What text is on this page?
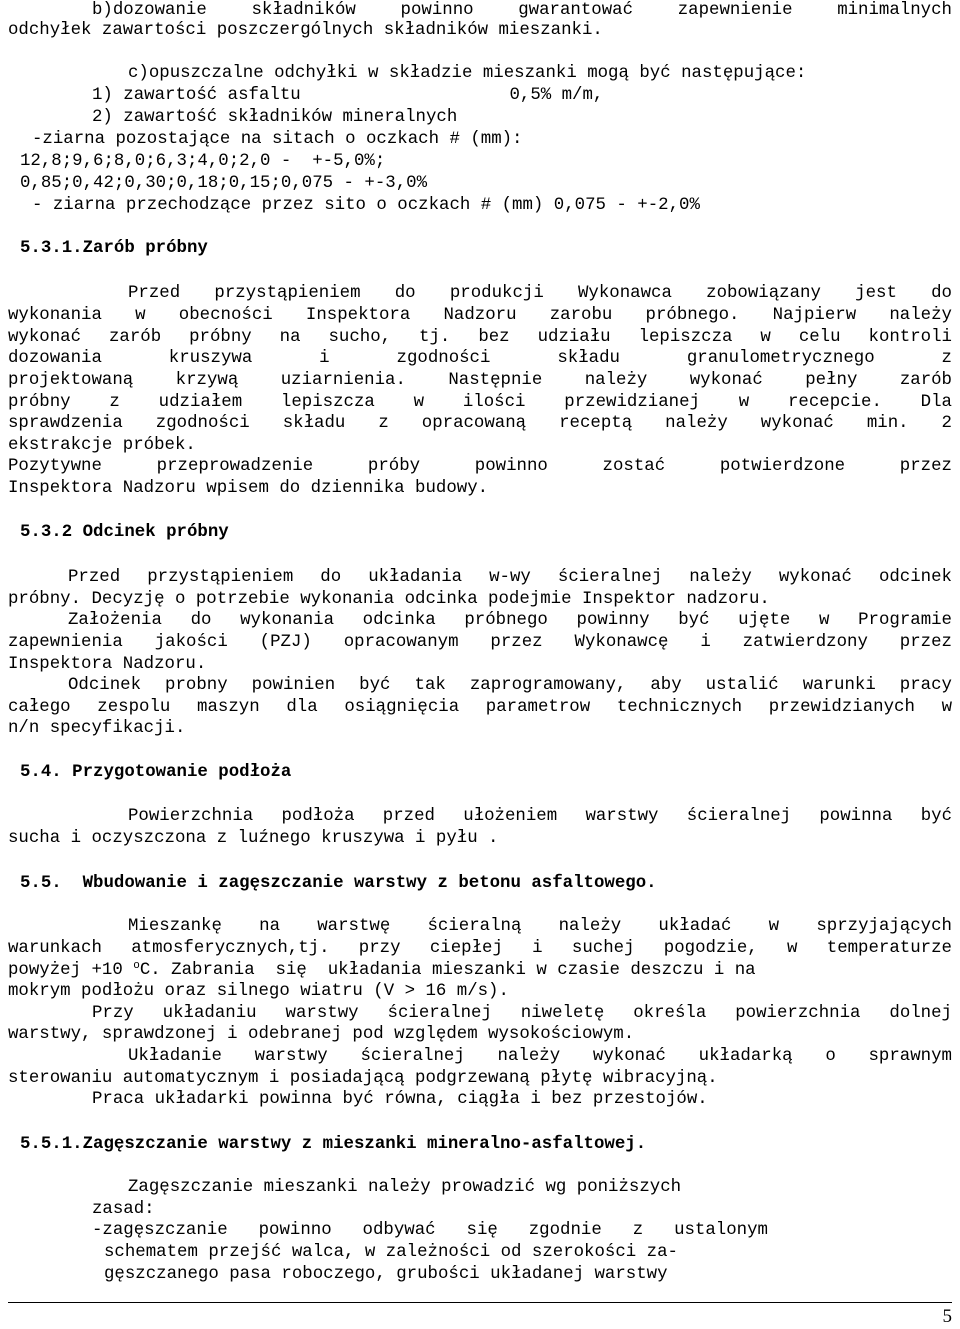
b)dozowanie składników powinno gwarantować zapewnienie minimalnych
odchyłek zawartości poszczergólnych składników mieszanki.
c)opuszczalne odchyłki w składzie mieszanki mogą być następujące:
1) zawartość asfaltu                    0,5% m/m,
2) zawartość składników mineralnych
-ziarna pozostające na sitach o oczkach # (mm):
12,8;9,6;8,0;6,3;4,0;2,0 -  +-5,0%;
0,85;0,42;0,30;0,18;0,15;0,075 - +-3,0%
- ziarna przechodzące przez sito o oczkach # (mm) 0,075 - +-2,0%
5.3.1.Zarób próbny
Przed przystąpieniem do produkcji Wykonawca zobowiązany jest do
wykonania w obecności Inspektora Nadzoru zarobu próbnego. Najpierw należy
wykonać zarób próbny na sucho, tj. bez udziału lepiszcza w celu kontroli
dozowania kruszywa i zgodności składu granulometrycznego z
projektowaną krzywą uziarnienia. Następnie należy wykonać pełny zarób
próbny z udziałem lepiszcza w ilości przewidzianej w recepcie. Dla
sprawdzenia zgodności składu z opracowaną receptą należy wykonać min. 2
ekstrakcje próbek.
Pozytywne przeprowadzenie próby powinno zostać potwierdzone przez
Inspektora Nadzoru wpisem do dziennika budowy.
5.3.2 Odcinek próbny
Przed przystąpieniem do układania w-wy ścieralnej należy wykonać odcinek
próbny. Decyzję o potrzebie wykonania odcinka podejmie Inspektor nadzoru.
Założenia do wykonania odcinka próbnego powinny być ujęte w Programie
zapewnienia jakości (PZJ) opracowanym przez Wykonawcę i zatwierdzony przez
Inspektora Nadzoru.
Odcinek probny powinien być tak zaprogramowany, aby ustalić warunki pracy
całego zespolu maszyn dla osiągnięcia parametrow technicznych przewidzianych w
n/n specyfikacji.
5.4. Przygotowanie podłoża
Powierzchnia podłoża przed ułożeniem warstwy ścieralnej powinna być
sucha i oczyszczona z luźnego kruszywa i pyłu .
5.5.  Wbudowanie i zagęszczanie warstwy z betonu asfaltowego.
Mieszankę na warstwę ścieralną należy układać w sprzyjających
warunkach atmosferycznych,tj. przy ciepłej i suchej pogodzie, w temperaturze
powyżej +10 $^o$C. Zabrania  się  układania mieszanki w czasie deszczu i na
mokrym podłożu oraz silnego wiatru (V > 16 m/s).
Przy układaniu warstwy ścieralnej niweletę określa powierzchnia dolnej
warstwy, sprawdzonej i odebranej pod względem wysokościowym.
Układanie warstwy ścieralnej należy wykonać układarką o sprawnym
sterowaniu automatycznym i posiadającą podgrzewaną płytę wibracyjną.
Praca układarki powinna być równa, ciągła i bez przestojów.
5.5.1.Zagęszczanie warstwy z mieszanki mineralno-asfaltowej.
Zagęszczanie mieszanki należy prowadzić wg poniższych
zasad:
-zagęszczanie powinno odbywać się zgodnie z ustalonym
schematem przejść walca, w zależności od szerokości za-
gęszczanego pasa roboczego, grubości układanej warstwy
5
